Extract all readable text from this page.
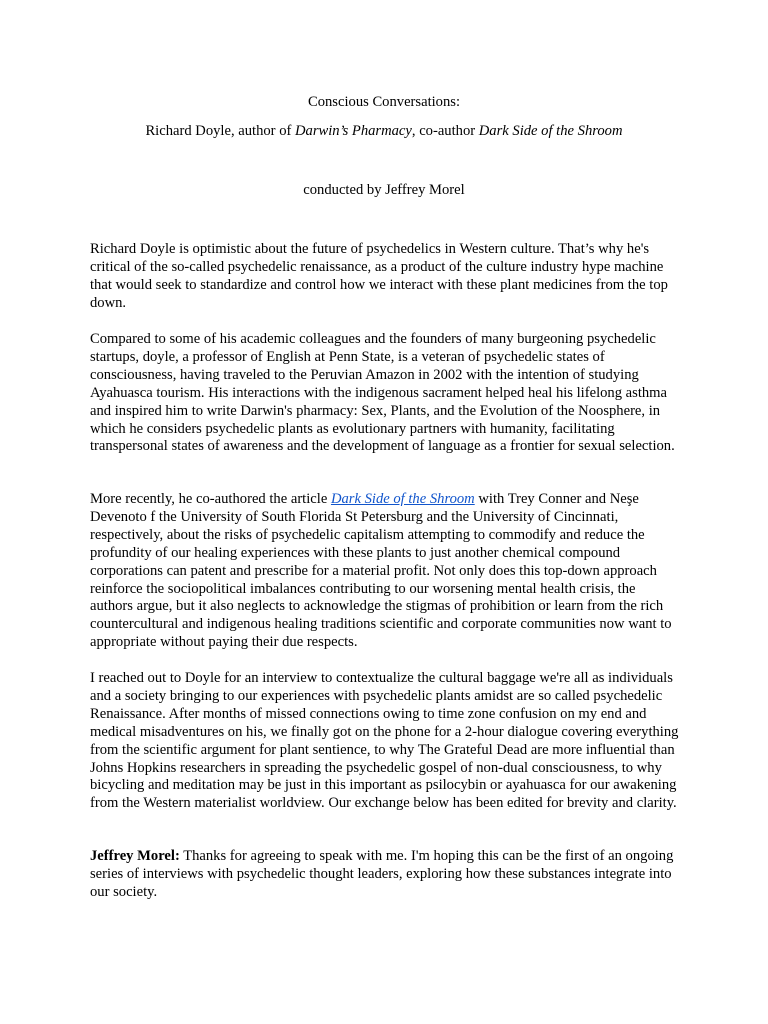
Conscious Conversations:
Richard Doyle, author of Darwin’s Pharmacy, co-author Dark Side of the Shroom
conducted by Jeffrey Morel

Richard Doyle is optimistic about the future of psychedelics in Western culture. That’s why he's critical of the so-called psychedelic renaissance, as a product of the culture industry hype machine that would seek to standardize and control how we interact with these plant medicines from the top down.

Compared to some of his academic colleagues and the founders of many burgeoning psychedelic startups, doyle, a professor of English at Penn State, is a veteran of psychedelic states of consciousness, having traveled to the Peruvian Amazon in 2002 with the intention of studying Ayahuasca tourism. His interactions with the indigenous sacrament helped heal his lifelong asthma and inspired him to write Darwin's pharmacy: Sex, Plants, and the Evolution of the Noosphere, in which he considers psychedelic plants as evolutionary partners with humanity, facilitating transpersonal states of awareness and the development of language as a frontier for sexual selection.

More recently, he co-authored the article Dark Side of the Shroom with Trey Conner and Neşe Devenoto f the University of South Florida St Petersburg and the University of Cincinnati, respectively, about the risks of psychedelic capitalism attempting to commodify and reduce the profundity of our healing experiences with these plants to just another chemical compound corporations can patent and prescribe for a material profit. Not only does this top-down approach reinforce the sociopolitical imbalances contributing to our worsening mental health crisis, the authors argue, but it also neglects to acknowledge the stigmas of prohibition or learn from the rich countercultural and indigenous healing traditions scientific and corporate communities now want to appropriate without paying their due respects.

I reached out to Doyle for an interview to contextualize the cultural baggage we're all as individuals and a society bringing to our experiences with psychedelic plants amidst are so called psychedelic Renaissance. After months of missed connections owing to time zone confusion on my end and medical misadventures on his, we finally got on the phone for a 2-hour dialogue covering everything from the scientific argument for plant sentience, to why The Grateful Dead are more influential than Johns Hopkins researchers in spreading the psychedelic gospel of non-dual consciousness, to why bicycling and meditation may be just in this important as psilocybin or ayahuasca for our awakening from the Western materialist worldview. Our exchange below has been edited for brevity and clarity.

Jeffrey Morel: Thanks for agreeing to speak with me. I'm hoping this can be the first of an ongoing series of interviews with psychedelic thought leaders, exploring how these substances integrate into our society.
